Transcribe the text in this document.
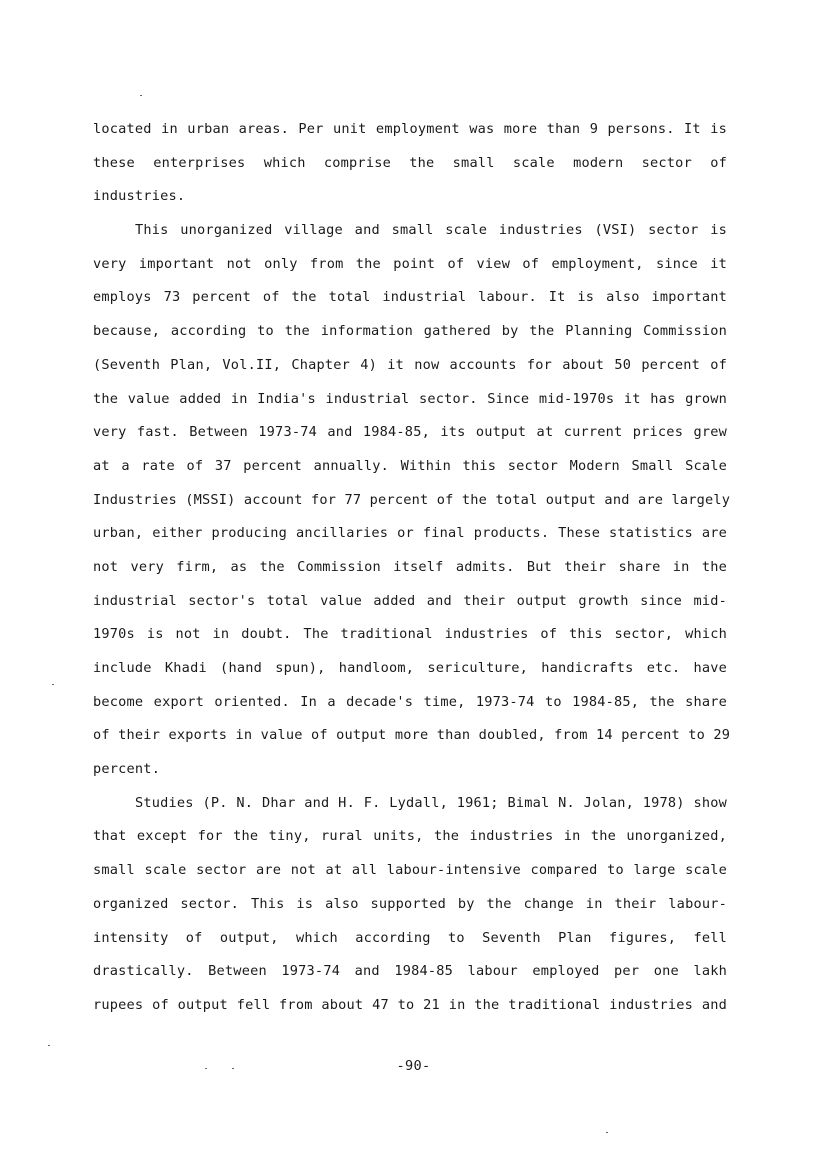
located in urban areas. Per unit employment was more than 9 persons. It is
these enterprises which comprise the small scale modern sector of
industries.
This unorganized village and small scale industries (VSI) sector is
very important not only from the point of view of employment, since it
employs 73 percent of the total industrial labour. It is also important
because, according to the information gathered by the Planning Commission
(Seventh Plan, Vol.II, Chapter 4) it now accounts for about 50 percent of
the value added in India's industrial sector. Since mid-1970s it has grown
very fast. Between 1973-74 and 1984-85, its output at current prices grew
at a rate of 37 percent annually. Within this sector Modern Small Scale
Industries (MSSI) account for 77 percent of the total output and are largely
urban, either producing ancillaries or final products. These statistics are
not very firm, as the Commission itself admits. But their share in the
industrial sector's total value added and their output growth since mid-
1970s is not in doubt. The traditional industries of this sector, which
include Khadi (hand spun), handloom, sericulture, handicrafts etc. have
become export oriented. In a decade's time, 1973-74 to 1984-85, the share
of their exports in value of output more than doubled, from 14 percent to 29
percent.
Studies (P. N. Dhar and H. F. Lydall, 1961; Bimal N. Jolan, 1978) show
that except for the tiny, rural units, the industries in the unorganized,
small scale sector are not at all labour-intensive compared to large scale
organized sector. This is also supported by the change in their labour-
intensity of output, which according to Seventh Plan figures, fell
drastically. Between 1973-74 and 1984-85 labour employed per one lakh
rupees of output fell from about 47 to 21 in the traditional industries and
-90-
